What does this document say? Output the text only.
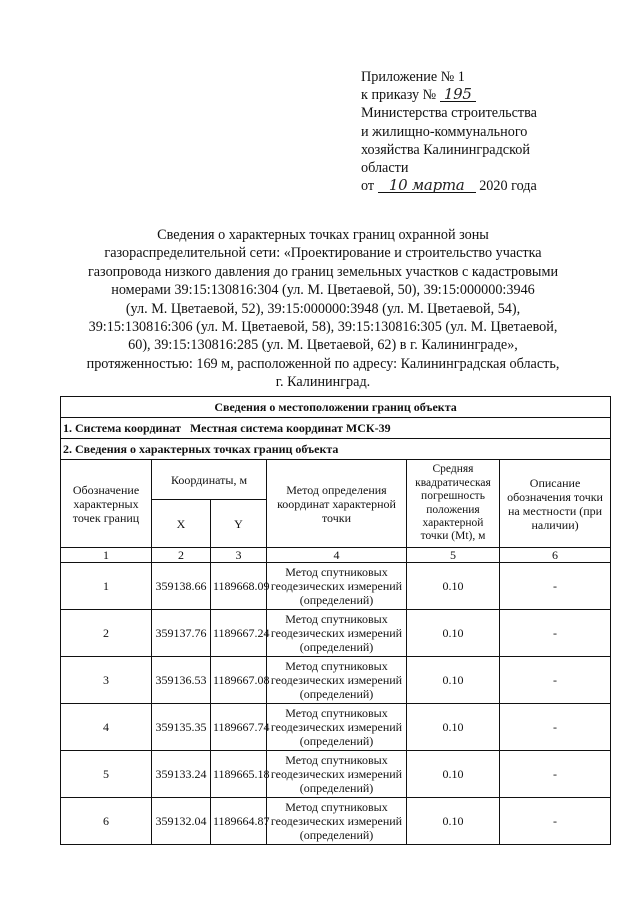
Приложение № 1
к приказу № 195
Министерства строительства
и жилищно-коммунального
хозяйства Калининградской
области
от 10 марта 2020 года
Сведения о характерных точках границ охранной зоны
газораспределительной сети: «Проектирование и строительство участка
газопровода низкого давления до границ земельных участков с кадастровыми
номерами 39:15:130816:304 (ул. М. Цветаевой, 50), 39:15:000000:3946
(ул. М. Цветаевой, 52), 39:15:000000:3948 (ул. М. Цветаевой, 54),
39:15:130816:306 (ул. М. Цветаевой, 58), 39:15:130816:305 (ул. М. Цветаевой,
60), 39:15:130816:285 (ул. М. Цветаевой, 62) в г. Калининграде»,
протяженностью: 169 м, расположенной по адресу: Калининградская область,
г. Калининград.
Сведения о местоположении границ объекта					
1. Система координат Местная система координат МСК-39					
2. Сведения о характерных точках границ объекта					
Обозначение характерных точек границ	Координаты, м		Метод определения координат характерной точки	Средняя квадратическая погрешность положения характерной точки (Mt), м	Описание обозначения точки на местности (при наличии)
	X	Y			
1	2	3	4	5	6
1	359138.66	1189668.09	Метод спутниковых геодезических измерений (определений)	0.10	-
2	359137.76	1189667.24	Метод спутниковых геодезических измерений (определений)	0.10	-
3	359136.53	1189667.08	Метод спутниковых геодезических измерений (определений)	0.10	-
4	359135.35	1189667.74	Метод спутниковых геодезических измерений (определений)	0.10	-
5	359133.24	1189665.18	Метод спутниковых геодезических измерений (определений)	0.10	-
6	359132.04	1189664.87	Метод спутниковых геодезических измерений (определений)	0.10	-
